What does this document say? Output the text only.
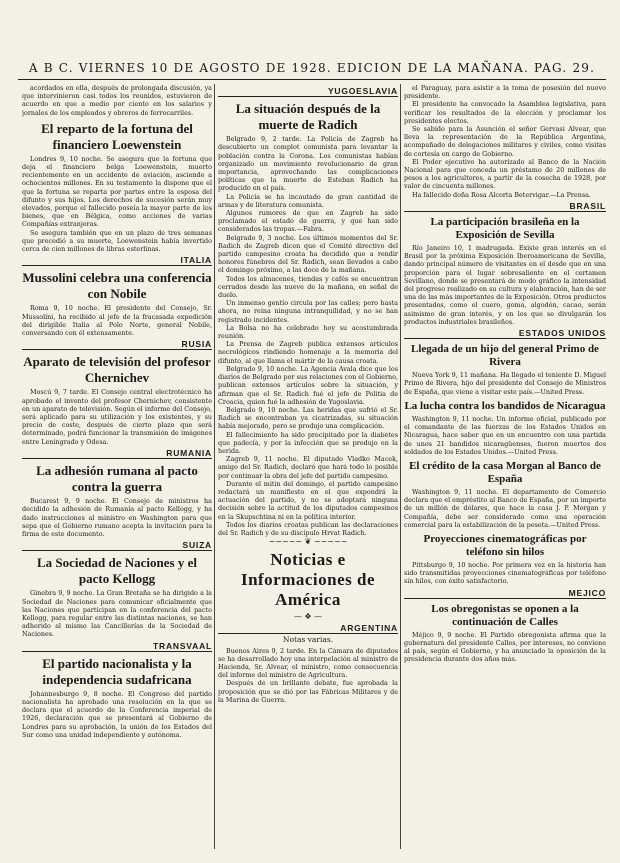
A B C. VIERNES 10 DE AGOSTO DE 1928. EDICION DE LA MAÑANA. PAG. 29.
acordados en ella, después de prolongada discusión, ya que intervinieron casi todos los reunidos, estuvieron de acuerdo en que a medio por ciento en los salarios y jornales de los empleados y obreros de ferrocarriles.
El reparto de la fortuna del financiero Loewenstein
Londres 9, 10 noche. Se asegura que la fortuna que deja el financiero belga Loewenstein, muerto recientemente en un accidente de aviación, asciende a ochocientos millones. En su testamento la dispone que el que la fortuna se reparta por partes entre la esposa del difunto y sus hijos. Los derechos de sucesión serán muy elevados, porque el fallecido poseía la mayor parte de los bienes, que en Bélgica, como acciones de varias Compañías extranjeras.
Se asegura también que en un plazo de tres semanas que precedió a su muerte, Loewenstein había invertido cerca de cien millones de libras esterlinas.
ITALIA
Mussolini celebra una conferencia con Nobile
Roma 9, 10 noche. El presidente del Consejo, Sr. Mussolini, ha recibido al jefe de la fracasada expedición del dirigible Italia al Polo Norte, general Nobile, conversando con él extensamente.
RUSIA
Aparato de televisión del profesor Chernichev
Moscú 9, 7 tarde. El Consejo central electrotécnico ha aprobado el invento del profesor Chernichev, consistente en un aparato de televisión. Según el informe del Consejo, será aplicado para su utilización y los existentes, y su precio de coste, después de cierto plazo que será determinado, podrá funcionar la transmisión de imágenes entre Leningrado y Odesa.
RUMANIA
La adhesión rumana al pacto contra la guerra
Bucarest 9, 9 noche. El Consejo de ministros ha decidido la adhesión de Rumanía al pacto Kellogg, y ha dado instrucciones al ministro en Washington para que sepa que el Gobierno rumano acepta la invitación para la firma de este documento.
SUIZA
La Sociedad de Naciones y el pacto Kellogg
Ginebra 9, 9 noche. La Gran Bretaña se ha dirigido a la Sociedad de Naciones para comunicar oficialmente que las Naciones que participan en la conferencia del pacto Kellogg, para regular entre las distintas naciones, se han adherido al mismo las Cancillerías de la Sociedad de Naciones.
TRANSVAAL
El partido nacionalista y la independencia sudafricana
Johannesburgo 9, 8 noche. El Congreso del partido nacionalista ha aprobado una resolución en la que se declara que el acuerdo de la Conferencia imperial de 1926, declaración que se presentará al Gobierno de Londres para su aprobación, la unión de los Estados del Sur como una unidad independiente y autónoma.
YUGOESLAVIA
La situación después de la muerte de Radich
Belgrado 9, 2 tarde. La Policía de Zagreb ha descubierto un complot comunista para levantar la población contra la Corona. Los comunistas habían organizado un movimiento revolucionario de gran importancia, aprovechando las complicaciones políticas que la muerte de Esteban Radich ha producido en el país.
La Policía se ha incautado de gran cantidad de armas y de literatura comunista.
Algunos rumores de que en Zagreb ha sido proclamado el estado de guerra, y que han sido considerados las tropas.—Fabra.
Belgrado 9, 3 noche. Los últimos momentos del Sr. Radich de Zagreb dicen que el Comité directivo del partido campesino croata ha decidido que a rendir honores fúnebres del Sr. Radich, sean llevados a cabo el domingo próximo, a las doce de la mañana.
Todos los almacenes, tiendas y cafés se encuentran cerrados desde las nueve de la mañana, en señal de duelo.
Un inmenso gentío circula por las calles; pero hasta ahora, no reina ninguna intranquilidad, y no se han registrado incidentes.
La Bolsa no ha celebrado hoy su acostumbrada reunión.
La Prensa de Zagreb publica extensos artículos necrológicos rindiendo homenaje a la memoria del difunto, al que llama el mártir de la causa croata.
Belgrado 9, 10 noche. La Agencia Avala dice que los diarios de Belgrado por sus relaciones con el Gobierno, publican extensos artículos sobre la situación, y afirman que el Sr. Radich fué el jefe de Politia de Croacia, quien fué la adhesión de Yugoslavia.
Belgrado 9, 10 noche. Las heridas que sufrió el Sr. Radich se encontraban ya cicatrizadas, su situación había mejorado, pero se produjo una complicación.
El fallecimiento ha sido precipitado por la diabetes que padecía, y por la infección que se produjo en la herida.
Zagreb 9, 11 noche. El diputado Vladko Macek, amigo del Sr. Radich, declaró que hará todo lo posible por continuar la obra del jefe del partido campesino.
Durante el mitin del domingo, el partido campesino redactará un manifiesto en el que expondrá la actuación del partido, y no se adoptará ninguna decisión sobre la actitud de los diputados campesinos en la Skupschtina ni en la política interior.
Todos los diarios croatas publican las declaraciones del Sr. Radich y de su discípulo Hrvat Radich.
~~~~~ ❦ ~~~~~
Noticias e Informaciones de América
— ❖ —
ARGENTINA
Notas varias.
Buenos Aires 9, 2 tarde. En la Cámara de diputados se ha desarrollado hoy una interpelación al ministro de Hacienda, Sr. Alvear, el ministro, como consecuencia del informe del ministro de Agricultura.
Después de un brillante debate, fue aprobada la proposición que se dió por las Fábricas Militares y de la Marina de Guerra.
el Paraguay, para asistir a la toma de posesión del nuevo presidente.
El presidente ha convocado la Asamblea legislativa, para verificar los resultados de la elección y proclamar los presidentes electos.
Se sabido para la Asunción el señor Gervasi Alvear, que lleva la representación de la República Argentina, acompañado de delegaciones militares y civiles, como visitas de cortesía en cargo de Gobierno.
El Poder ejecutivo ha autorizado al Banco de la Nación Nacional para que conceda un préstamo de 20 millones de pesos a los agricultores, a partir de la cosecha de 1928, por valor de cincuenta millones.
Ha fallecido doña Rosa Alcorta Betervigar.—La Prensa.
BRASIL
La participación brasileña en la Exposición de Sevilla
Río Janeiro 10, 1 madrugada. Existe gran interés en el Brasil por la próxima Exposición Iberoamericana de Sevilla, dando principal número de visitantes en el desde que en una proporción para el lugar sobresaliente en el certamen Sevillano, donde se presentará de modo gráfico la intensidad del progreso realizado en su cultura y elaboración, han de ser una de las más importantes de la Exposición. Otros productos presentados, como el cuero, goma, algodón, cacao, serán asimismo de gran interés, y en los que se divulgarán los productos industriales brasileños.
ESTADOS UNIDOS
Llegada de un hijo del general Primo de Rivera
Nueva York 9, 11 mañana. Ha llegado el teniente D. Miguel Primo de Rivera, hijo del presidente del Consejo de Ministros de España, que viene a visitar este país.—United Press.
La lucha contra los bandidos de Nicaragua
Washington 9, 11 noche. Un informe oficial, publicado por el comandante de las fuerzas de los Estados Unidos en Nicaragua, hace saber que en un encuentro con una partida de unos 21 bandidos nicaragüenses, fueron muertos dos soldados de los Estados Unidos.—United Press.
El crédito de la casa Morgan al Banco de España
Washington 9, 11 noche. El departamento de Comercio declara que el empréstito al Banco de España, por un importe de un millón de dólares, que hace la casa J. P. Morgan y Compañía, debe ser considerado como una operación comercial para la estabilización de la peseta.—United Press.
Proyecciones cinematográficas por teléfono sin hilos
Pittsburgo 9, 10 noche. Por primera vez en la historia han sido transmitidas proyecciones cinematográficas por teléfono sin hilos, con éxito satisfactorio.
MEJICO
Los obregonistas se oponen a la continuación de Calles
Méjico 9, 9 noche. El Partido obregonista afirma que la gubernatura del presidente Calles, por intereses, no conviene al país, según el Gobierno, y ha anunciado la oposición de la presidencia durante dos años más.
